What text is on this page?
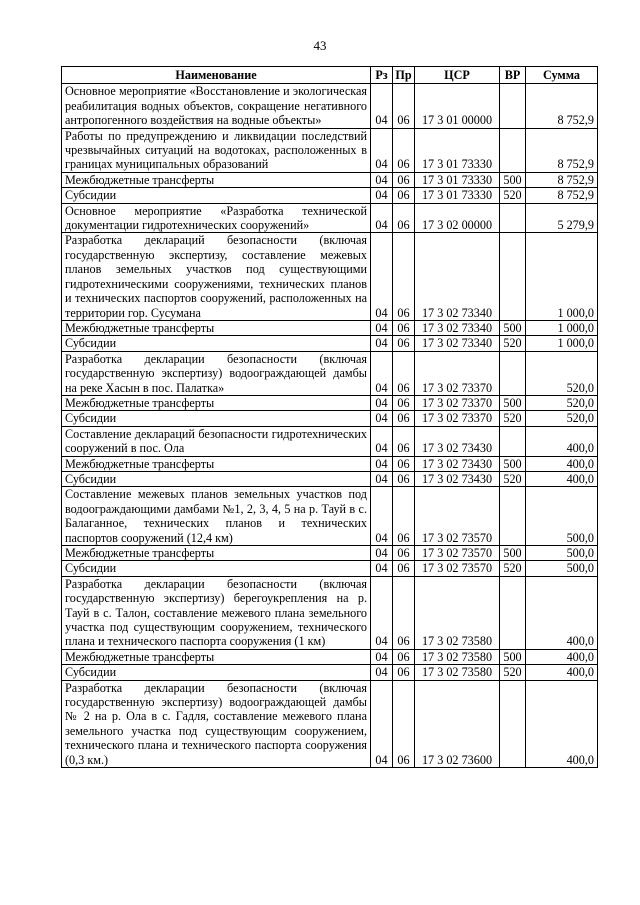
43
Наименование	Рз	Пр	ЦСР	ВР	Сумма
Основное мероприятие «Восстановление и экологическая реабилитация водных объектов, сокращение негативного антропогенного воздействия на водные объекты»	04	06	17 3 01 00000		8 752,9
Работы по предупреждению и ликвидации последствий чрезвычайных ситуаций на водотоках, расположенных в границах муниципальных образований	04	06	17 3 01 73330		8 752,9
Межбюджетные трансферты	04	06	17 3 01 73330	500	8 752,9
Субсидии	04	06	17 3 01 73330	520	8 752,9
Основное мероприятие «Разработка технической документации гидротехнических сооружений»	04	06	17 3 02 00000		5 279,9
Разработка деклараций безопасности (включая государственную экспертизу, составление межевых планов земельных участков под существующими гидротехническими сооружениями, технических планов и технических паспортов сооружений, расположенных на территории гор. Сусумана	04	06	17 3 02 73340		1 000,0
Межбюджетные трансферты	04	06	17 3 02 73340	500	1 000,0
Субсидии	04	06	17 3 02 73340	520	1 000,0
Разработка декларации безопасности (включая государственную экспертизу) водоограждающей дамбы на реке Хасын в пос. Палатка»	04	06	17 3 02 73370		520,0
Межбюджетные трансферты	04	06	17 3 02 73370	500	520,0
Субсидии	04	06	17 3 02 73370	520	520,0
Составление деклараций безопасности гидротехнических сооружений в пос. Ола	04	06	17 3 02 73430		400,0
Межбюджетные трансферты	04	06	17 3 02 73430	500	400,0
Субсидии	04	06	17 3 02 73430	520	400,0
Составление межевых планов земельных участков под водоограждающими дамбами №1, 2, 3, 4, 5 на р. Тауй в с. Балаганное, технических планов и технических паспортов сооружений (12,4 км)	04	06	17 3 02 73570		500,0
Межбюджетные трансферты	04	06	17 3 02 73570	500	500,0
Субсидии	04	06	17 3 02 73570	520	500,0
Разработка декларации безопасности (включая государственную экспертизу) берегоукрепления на р. Тауй в с. Талон, составление межевого плана земельного участка под существующим сооружением, технического плана и технического паспорта сооружения (1 км)	04	06	17 3 02 73580		400,0
Межбюджетные трансферты	04	06	17 3 02 73580	500	400,0
Субсидии	04	06	17 3 02 73580	520	400,0
Разработка декларации безопасности (включая государственную экспертизу) водоограждающей дамбы № 2 на р. Ола в с. Гадля, составление межевого плана земельного участка под существующим сооружением, технического плана и технического паспорта сооружения (0,3 км.)	04	06	17 3 02 73600		400,0
